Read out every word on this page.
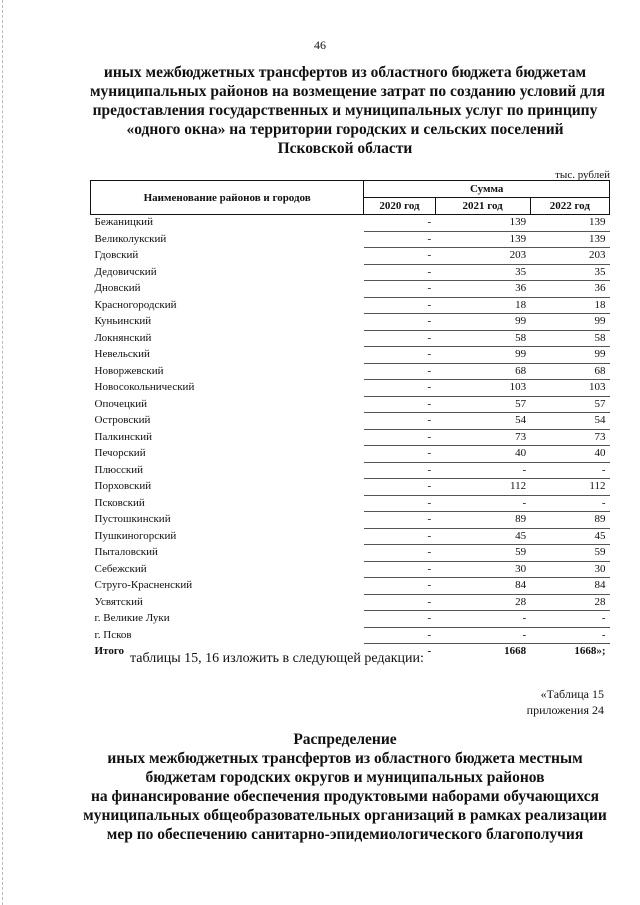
46
иных межбюджетных трансфертов из областного бюджета бюджетам
муниципальных районов на возмещение затрат по созданию условий для
предоставления государственных и муниципальных услуг по принципу
«одного окна» на территории городских и сельских поселений
Псковской области
тыс. рублей
Наименование районов и городов	Сумма		
	2020 год	2021 год	2022 год
Бежаницкий	-	139	139
Великолукский	-	139	139
Гдовский	-	203	203
Дедовичский	-	35	35
Дновский	-	36	36
Красногородский	-	18	18
Куньинский	-	99	99
Локнянский	-	58	58
Невельский	-	99	99
Новоржевский	-	68	68
Новосокольнический	-	103	103
Опочецкий	-	57	57
Островский	-	54	54
Палкинский	-	73	73
Печорский	-	40	40
Плюсский	-	-	-
Порховский	-	112	112
Псковский	-	-	-
Пустошкинский	-	89	89
Пушкиногорский	-	45	45
Пыталовский	-	59	59
Себежский	-	30	30
Струго-Красненский	-	84	84
Усвятский	-	28	28
г. Великие Луки	-	-	-
г. Псков	-	-	-
Итого	-	1668	1668»;
таблицы 15, 16 изложить в следующей редакции:
«Таблица 15
приложения 24
Распределение
иных межбюджетных трансфертов из областного бюджета местным
бюджетам городских округов и муниципальных районов
на финансирование обеспечения продуктовыми наборами обучающихся
муниципальных общеобразовательных организаций в рамках реализации
мер по обеспечению санитарно-эпидемиологического благополучия
